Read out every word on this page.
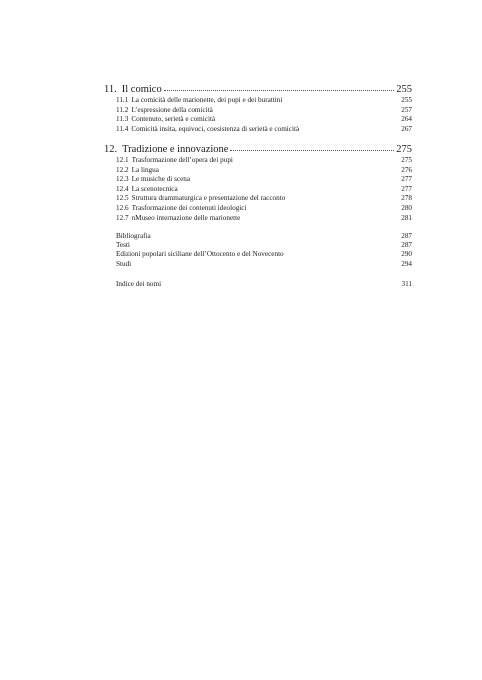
11. Il comico	255
11.1 La comicità delle marionette, dei pupi e dei burattini	255
11.2 L’espressione della comicità	257
11.3 Contenuto, serietà e comicità	264
11.4 Comicità insita, equivoci, coesistenza di serietà e comicità	267
12. Tradizione e innovazione	275
12.1 Trasformazione dell’opera dei pupi	275
12.2 La lingua	276
12.3 Le musiche di scena	277
12.4 La scenotecnica	277
12.5 Struttura drammaturgica e presentazione del racconto	278
12.6 Trasformazione dei contenuti ideologici	280
12.7 nMuseo internazione delle marionette	281
Bibliografia	287
Testi	287
Edizioni popolari siciliane dell’Ottocento e del Novecento	290
Studi	294
Indice dei nomi	311
